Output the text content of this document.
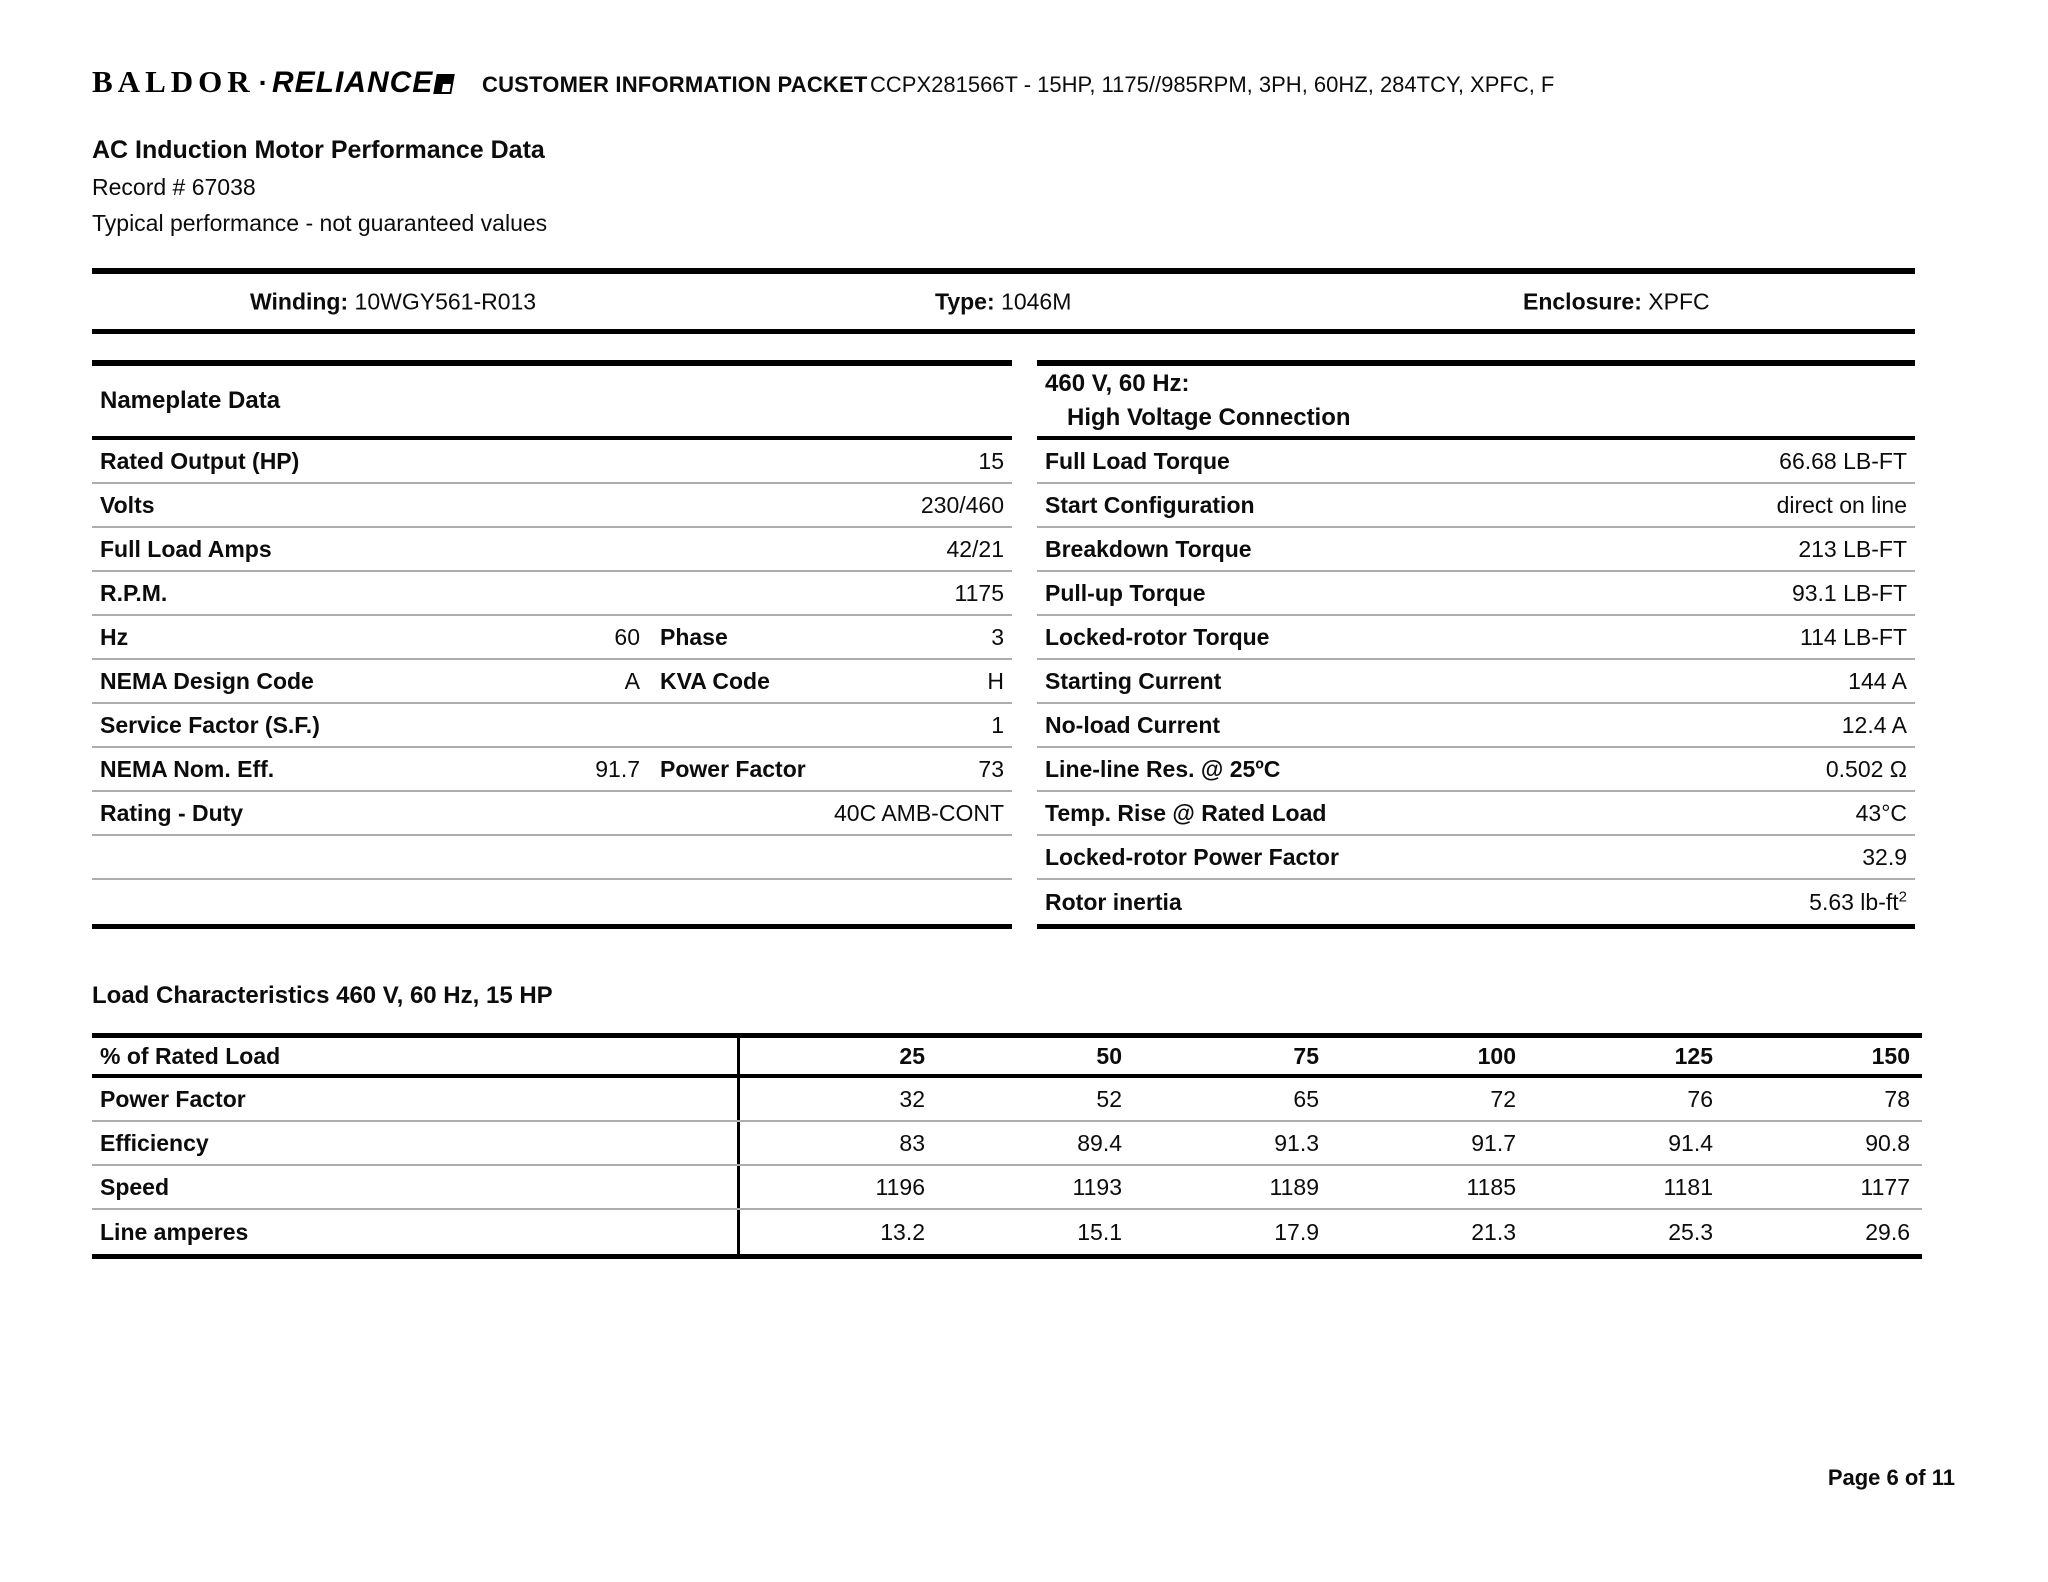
BALDOR · RELIANCE	CUSTOMER INFORMATION PACKET CCPX281566T - 15HP, 1175//985RPM, 3PH, 60HZ, 284TCY, XPFC, F
AC Induction Motor Performance Data
Record # 67038
Typical performance - not guaranteed values
Winding: 10WGY561-R013	Type: 1046M	Enclosure: XPFC
Nameplate Data
Rated Output (HP)	15
Volts	230/460
Full Load Amps	42/21
R.P.M.	1175
Hz	60 Phase	3
NEMA Design Code	A KVA Code	H
Service Factor (S.F.)	1
NEMA Nom. Eff.	91.7 Power Factor	73
Rating - Duty	40C AMB-CONT
460 V, 60 Hz:
High Voltage Connection
Full Load Torque	66.68 LB-FT
Start Configuration	direct on line
Breakdown Torque	213 LB-FT
Pull-up Torque	93.1 LB-FT
Locked-rotor Torque	114 LB-FT
Starting Current	144 A
No-load Current	12.4 A
Line-line Res. @ 25ºC	0.502 Ω
Temp. Rise @ Rated Load	43°C
Locked-rotor Power Factor	32.9
Rotor inertia	5.63 $lb-ft^2$
Load Characteristics 460 V, 60 Hz, 15 HP
% of Rated Load	25	50	75	100	125	150
Power Factor	32	52	65	72	76	78
Efficiency	83	89.4	91.3	91.7	91.4	90.8
Speed	1196	1193	1189	1185	1181	1177
Line amperes	13.2	15.1	17.9	21.3	25.3	29.6
Page 6 of 11
